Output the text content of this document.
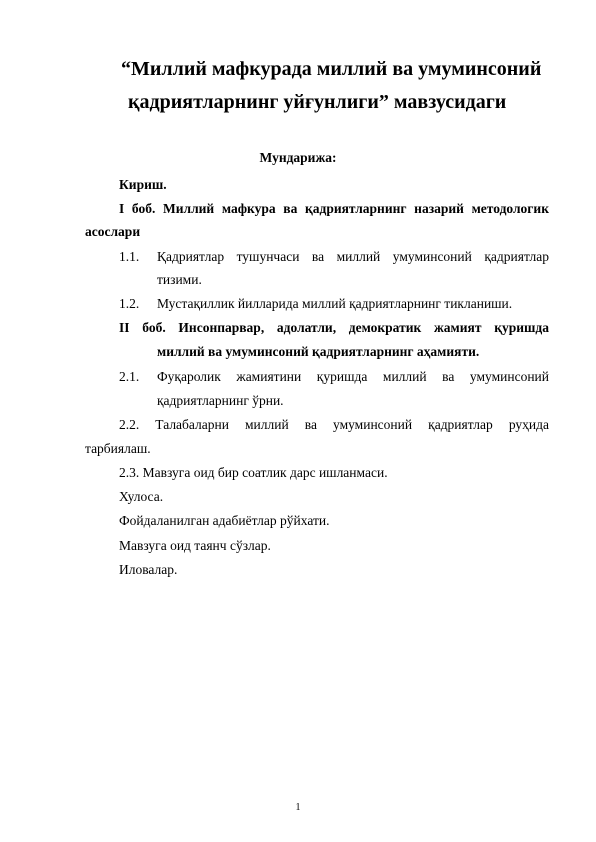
“Миллий мафкурада миллий ва умуминсоний
қадриятларнинг уйғунлиги” мавзусидаги
Мундарижа:
Кириш.
I боб. Миллий мафкура ва қадриятларнинг назарий методологик
асослари
1.1. Қадриятлар тушунчаси ва миллий умуминсоний қадриятлар
тизими.
1.2. Мустақиллик йилларида миллий қадриятларнинг тикланиши.
II боб. Инсонпарвар, адолатли, демократик жамият қуришда
миллий ва умуминсоний қадриятларнинг аҳамияти.
2.1. Фуқаролик жамиятини қуришда миллий ва умуминсоний
қадриятларнинг ўрни.
2.2. Талабаларни миллий ва умуминсоний қадриятлар руҳида
тарбиялаш.
2.3. Мавзуга оид бир соатлик дарс ишланмаси.
Хулоса.
Фойдаланилган адабиётлар рўйхати.
Мавзуга оид таянч сўзлар.
Иловалар.
1
